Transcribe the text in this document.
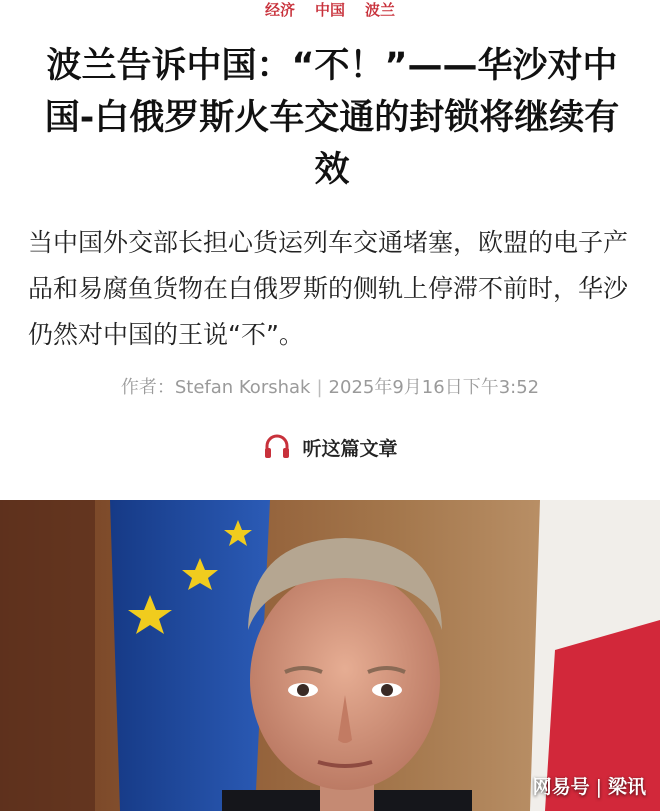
经济 中国 波兰
波兰告诉中国：“不！”——华沙对中国-白俄罗斯火车交通的封锁将继续有效

当中国外交部长担心货运列车交通堵塞，欧盟的电子产品和易腐鱼货物在白俄罗斯的侧轨上停滞不前时，华沙仍然对中国的王说“不”。

作者：Stefan Korshak | 2025年9月16日下午3:52
听这篇文章
网易号 | 梁讯
